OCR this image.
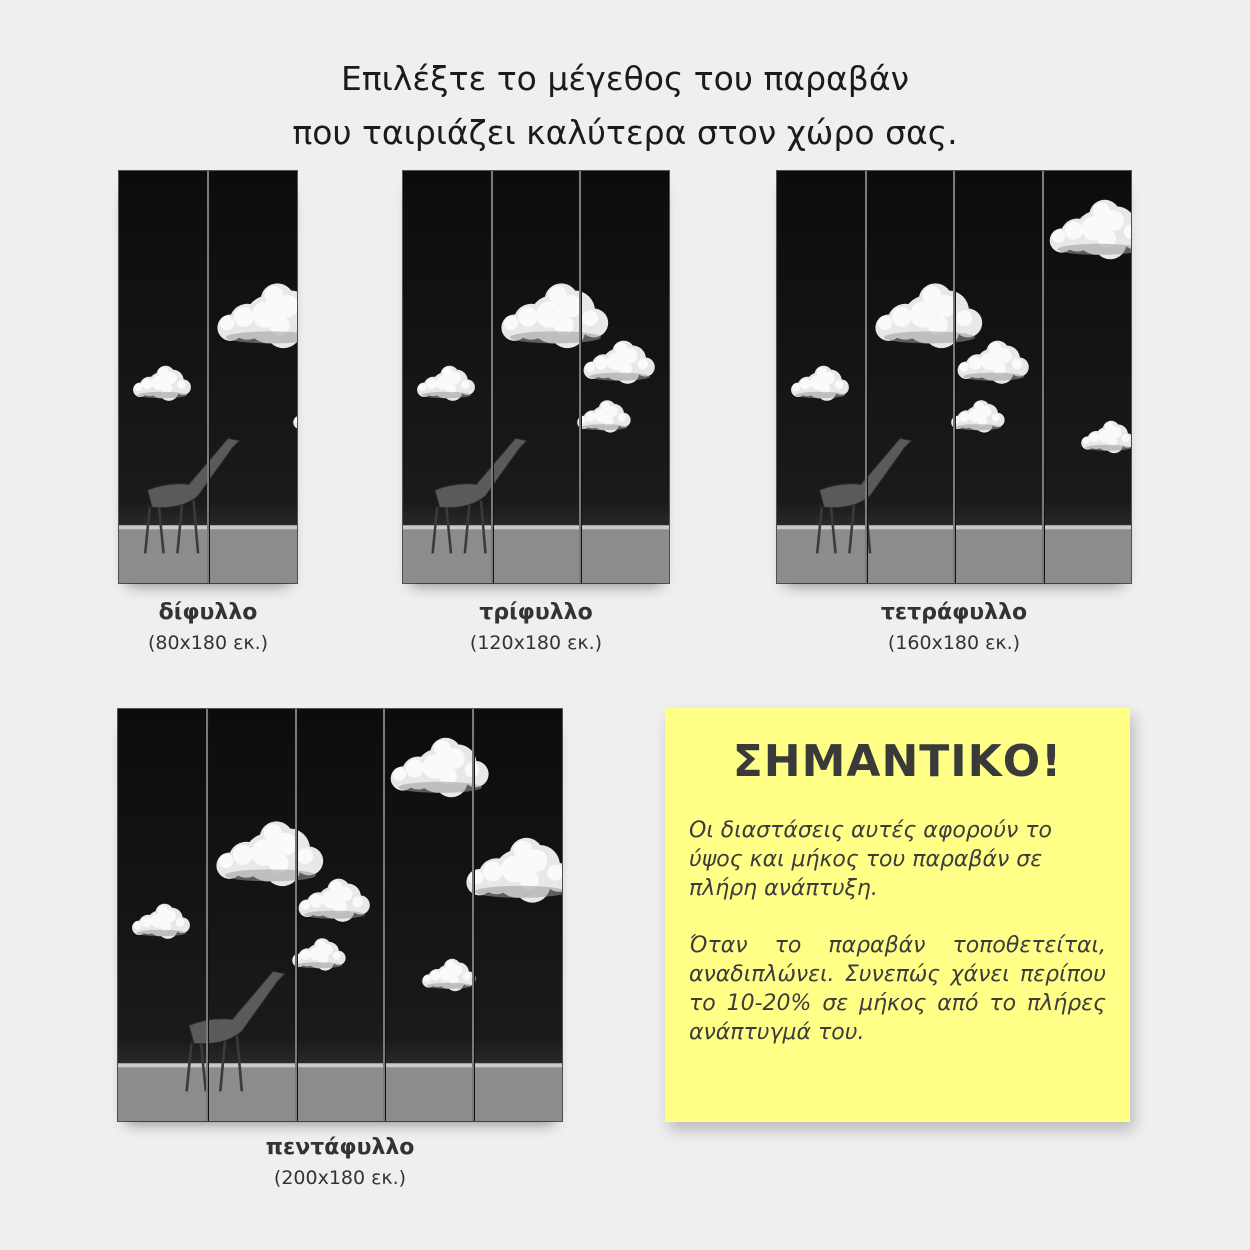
Επιλέξτε το μέγεθος του παραβάν
που ταιριάζει καλύτερα στον χώρο σας.
δίφυλλο
(80x180 εκ.)
τρίφυλλο
(120x180 εκ.)
τετράφυλλο
(160x180 εκ.)
πεντάφυλλο
(200x180 εκ.)
ΣΗΜΑΝΤΙΚΟ!

Οι διαστάσεις αυτές αφορούν το ύψος και μήκος του παραβάν σε πλήρη ανάπτυξη.

Όταν το παραβάν τοποθετείται, αναδιπλώνει. Συνεπώς χάνει περίπου το 10-20% σε μήκος από το πλήρες ανάπτυγμά του.
